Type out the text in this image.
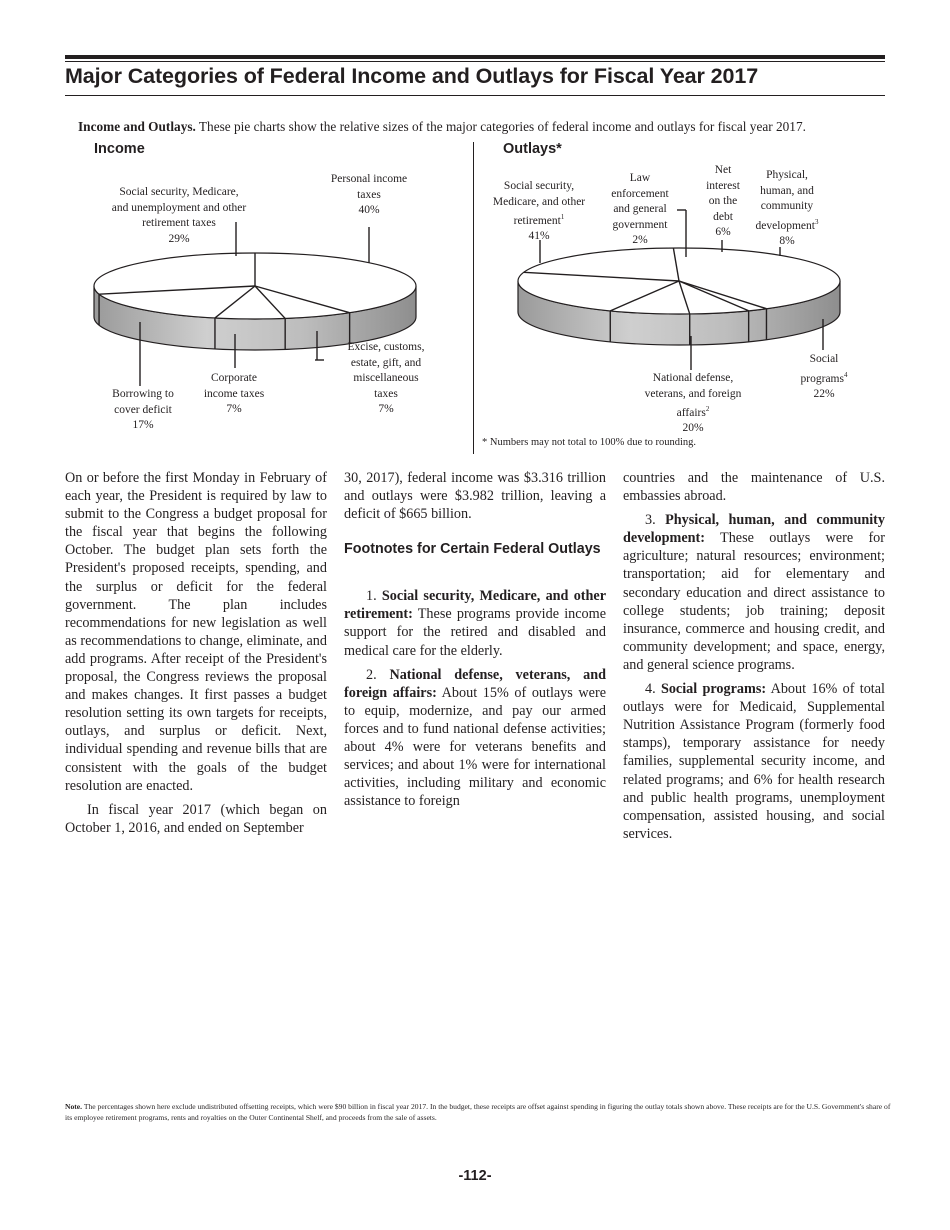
Major Categories of Federal Income and Outlays for Fiscal Year 2017
Income and Outlays. These pie charts show the relative sizes of the major categories of federal income and outlays for fiscal year 2017.
Income
Social security, Medicare,
and unemployment and other
retirement taxes
29%
Personal income
taxes
40%
Excise, customs,
estate, gift, and
miscellaneous
taxes
7%
Corporate
income taxes
7%
Borrowing to
cover deficit
17%
Outlays*
Social security,
Medicare, and other
retirement$^1$
41%
Law
enforcement
and general
government
2%
Net
interest
on the
debt
6%
Physical,
human, and
community
development$^3$
8%
Social
programs$^4$
22%
National defense,
veterans, and foreign
affairs$^2$
20%
* Numbers may not total to 100% due to rounding.

On or before the first Monday in February of each year, the President is required by law to submit to the Congress a budget proposal for the fiscal year that begins the following October. The budget plan sets forth the President's proposed receipts, spending, and the surplus or deficit for the federal government. The plan includes recommendations for new legislation as well as recommendations to change, eliminate, and add programs. After receipt of the President's proposal, the Congress reviews the proposal and makes changes. It first passes a budget resolution setting its own targets for receipts, outlays, and surplus or deficit. Next, individual spending and revenue bills that are consistent with the goals of the budget resolution are enacted.

In fiscal year 2017 (which began on October 1, 2016, and ended on September

30, 2017), federal income was $3.316 trillion and outlays were $3.982 trillion, leaving a deficit of $665 billion.

Footnotes for Certain Federal Outlays

1. Social security, Medicare, and other retirement: These programs provide income support for the retired and disabled and medical care for the elderly.

2. National defense, veterans, and foreign affairs: About 15% of outlays were to equip, modernize, and pay our armed forces and to fund national defense activities; about 4% were for veterans benefits and services; and about 1% were for international activities, including military and economic assistance to foreign

countries and the maintenance of U.S. embassies abroad.

3. Physical, human, and community development: These outlays were for agriculture; natural resources; environment; transportation; aid for elementary and secondary education and direct assistance to college students; job training; deposit insurance, commerce and housing credit, and community development; and space, energy, and general science programs.

4. Social programs: About 16% of total outlays were for Medicaid, Supplemental Nutrition Assistance Program (formerly food stamps), temporary assistance for needy families, supplemental security income, and related programs; and 6% for health research and public health programs, unemployment compensation, assisted housing, and social services.

Note. The percentages shown here exclude undistributed offsetting receipts, which were $90 billion in fiscal year 2017. In the budget, these receipts are offset against spending in figuring the outlay totals shown above. These receipts are for the U.S. Government's share of its employee retirement programs, rents and royalties on the Outer Continental Shelf, and proceeds from the sale of assets.
-112-
